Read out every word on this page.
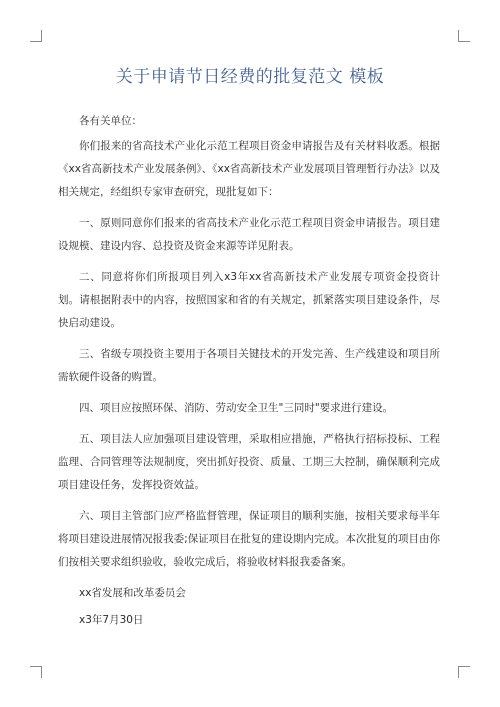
关于申请节日经费的批复范文 模板

各有关单位：

你们报来的省高技术产业化示范工程项目资金申请报告及有关材料收悉。根据《xx省高新技术产业发展条例》、《xx省高新技术产业发展项目管理暂行办法》以及相关规定，经组织专家审查研究，现批复如下：

一、原则同意你们报来的省高技术产业化示范工程项目资金申请报告。项目建设规模、建设内容、总投资及资金来源等详见附表。

二、同意将你们所报项目列入x3年xx省高新技术产业发展专项资金投资计划。请根据附表中的内容，按照国家和省的有关规定，抓紧落实项目建设条件，尽快启动建设。

三、省级专项投资主要用于各项目关键技术的开发完善、生产线建设和项目所需软硬件设备的购置。

四、项目应按照环保、消防、劳动安全卫生"三同时"要求进行建设。

五、项目法人应加强项目建设管理，采取相应措施，严格执行招标投标、工程监理、合同管理等法规制度，突出抓好投资、质量、工期三大控制，确保顺利完成项目建设任务，发挥投资效益。

六、项目主管部门应严格监督管理，保证项目的顺利实施，按相关要求每半年将项目建设进展情况报我委;保证项目在批复的建设期内完成。本次批复的项目由你们按相关要求组织验收，验收完成后，将验收材料报我委备案。

xx省发展和改革委员会

x3年7月30日
